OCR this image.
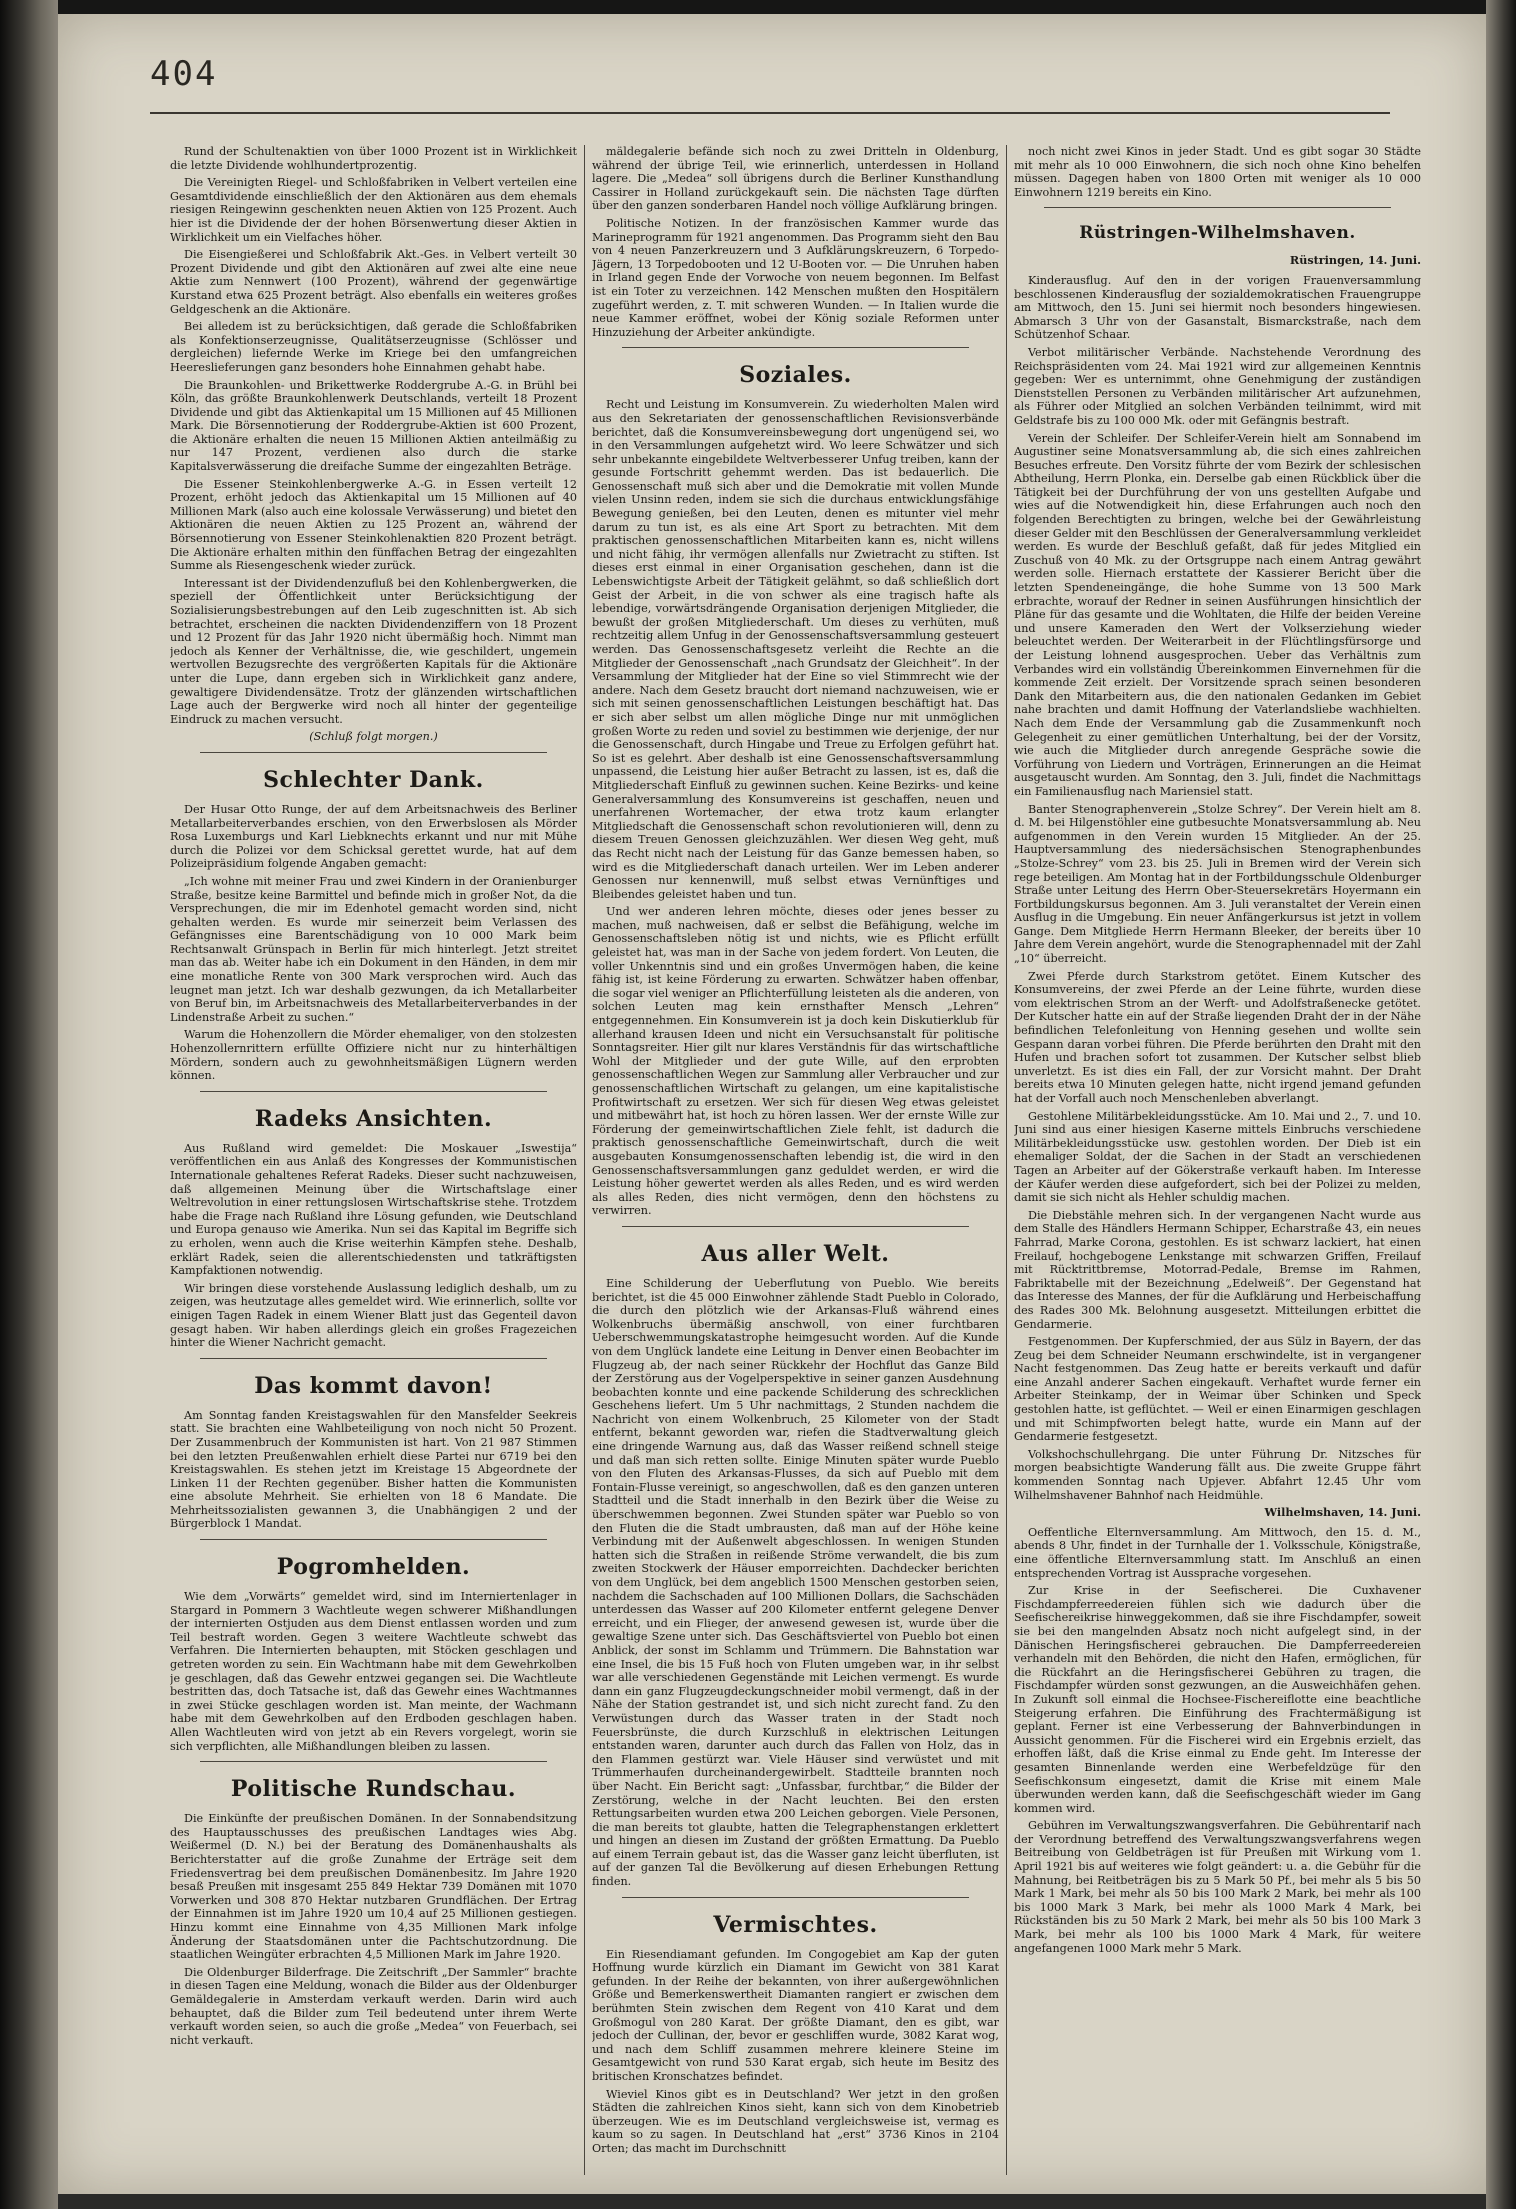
404

Rund der Schultenaktien von über 1000 Prozent ist in Wirklichkeit die letzte Dividende wohlhundertprozentig.

Die Vereinigten Riegel- und Schloßfabriken in Velbert verteilen eine Gesamtdividende einschließlich der den Aktionären aus dem ehemals riesigen Reingewinn geschenkten neuen Aktien von 125 Prozent. Auch hier ist die Dividende der der hohen Börsenwertung dieser Aktien in Wirklichkeit um ein Vielfaches höher.

Die Eisengießerei und Schloßfabrik Akt.-Ges. in Velbert verteilt 30 Prozent Dividende und gibt den Aktionären auf zwei alte eine neue Aktie zum Nennwert (100 Prozent), während der gegenwärtige Kurstand etwa 625 Prozent beträgt. Also ebenfalls ein weiteres großes Geldgeschenk an die Aktionäre.

Bei alledem ist zu berücksichtigen, daß gerade die Schloßfabriken als Konfektionserzeugnisse, Qualitätserzeugnisse (Schlösser und dergleichen) liefernde Werke im Kriege bei den umfangreichen Heereslieferungen ganz besonders hohe Einnahmen gehabt habe.

Die Braunkohlen- und Brikettwerke Roddergrube A.-G. in Brühl bei Köln, das größte Braunkohlenwerk Deutschlands, verteilt 18 Prozent Dividende und gibt das Aktienkapital um 15 Millionen auf 45 Millionen Mark. Die Börsennotierung der Roddergrube-Aktien ist 600 Prozent, die Aktionäre erhalten die neuen 15 Millionen Aktien anteilmäßig zu nur 147 Prozent, verdienen also durch die starke Kapitalsverwässerung die dreifache Summe der eingezahlten Beträge.

Die Essener Steinkohlenbergwerke A.-G. in Essen verteilt 12 Prozent, erhöht jedoch das Aktienkapital um 15 Millionen auf 40 Millionen Mark (also auch eine kolossale Verwässerung) und bietet den Aktionären die neuen Aktien zu 125 Prozent an, während der Börsennotierung von Essener Steinkohlenaktien 820 Prozent beträgt. Die Aktionäre erhalten mithin den fünffachen Betrag der eingezahlten Summe als Riesengeschenk wieder zurück.

Interessant ist der Dividendenzufluß bei den Kohlenbergwerken, die speziell der Öffentlichkeit unter Berücksichtigung der Sozialisierungsbestrebungen auf den Leib zugeschnitten ist. Ab sich betrachtet, erscheinen die nackten Dividendenziffern von 18 Prozent und 12 Prozent für das Jahr 1920 nicht übermäßig hoch. Nimmt man jedoch als Kenner der Verhältnisse, die, wie geschildert, ungemein wertvollen Bezugsrechte des vergrößerten Kapitals für die Aktionäre unter die Lupe, dann ergeben sich in Wirklichkeit ganz andere, gewaltigere Dividendensätze. Trotz der glänzenden wirtschaftlichen Lage auch der Bergwerke wird noch all hinter der gegenteilige Eindruck zu machen versucht.

(Schluß folgt morgen.)
Schlechter Dank.

Der Husar Otto Runge, der auf dem Arbeitsnachweis des Berliner Metallarbeiterverbandes erschien, von den Erwerbslosen als Mörder Rosa Luxemburgs und Karl Liebknechts erkannt und nur mit Mühe durch die Polizei vor dem Schicksal gerettet wurde, hat auf dem Polizeipräsidium folgende Angaben gemacht:

„Ich wohne mit meiner Frau und zwei Kindern in der Oranienburger Straße, besitze keine Barmittel und befinde mich in großer Not, da die Versprechungen, die mir im Edenhotel gemacht worden sind, nicht gehalten werden. Es wurde mir seinerzeit beim Verlassen des Gefängnisses eine Barentschädigung von 10 000 Mark beim Rechtsanwalt Grünspach in Berlin für mich hinterlegt. Jetzt streitet man das ab. Weiter habe ich ein Dokument in den Händen, in dem mir eine monatliche Rente von 300 Mark versprochen wird. Auch das leugnet man jetzt. Ich war deshalb gezwungen, da ich Metallarbeiter von Beruf bin, im Arbeitsnachweis des Metallarbeiterverbandes in der Lindenstraße Arbeit zu suchen.“

Warum die Hohenzollern die Mörder ehemaliger, von den stolzesten Hohenzollernrittern erfüllte Offiziere nicht nur zu hinterhältigen Mördern, sondern auch zu gewohnheitsmäßigen Lügnern werden können.

Radeks Ansichten.

Aus Rußland wird gemeldet: Die Moskauer „Iswestija“ veröffentlichen ein aus Anlaß des Kongresses der Kommunistischen Internationale gehaltenes Referat Radeks. Dieser sucht nachzuweisen, daß allgemeinen Meinung über die Wirtschaftslage einer Weltrevolution in einer rettungslosen Wirtschaftskrise stehe. Trotzdem habe die Frage nach Rußland ihre Lösung gefunden, wie Deutschland und Europa genauso wie Amerika. Nun sei das Kapital im Begriffe sich zu erholen, wenn auch die Krise weiterhin Kämpfen stehe. Deshalb, erklärt Radek, seien die allerentschiedensten und tatkräftigsten Kampfaktionen notwendig.

Wir bringen diese vorstehende Auslassung lediglich deshalb, um zu zeigen, was heutzutage alles gemeldet wird. Wie erinnerlich, sollte vor einigen Tagen Radek in einem Wiener Blatt just das Gegenteil davon gesagt haben. Wir haben allerdings gleich ein großes Fragezeichen hinter die Wiener Nachricht gemacht.

Das kommt davon!

Am Sonntag fanden Kreistagswahlen für den Mansfelder Seekreis statt. Sie brachten eine Wahlbeteiligung von noch nicht 50 Prozent. Der Zusammenbruch der Kommunisten ist hart. Von 21 987 Stimmen bei den letzten Preußenwahlen erhielt diese Partei nur 6719 bei den Kreistagswahlen. Es stehen jetzt im Kreistage 15 Abgeordnete der Linken 11 der Rechten gegenüber. Bisher hatten die Kommunisten eine absolute Mehrheit. Sie erhielten von 18 6 Mandate. Die Mehrheitssozialisten gewannen 3, die Unabhängigen 2 und der Bürgerblock 1 Mandat.

Pogromhelden.

Wie dem „Vorwärts“ gemeldet wird, sind im Interniertenlager in Stargard in Pommern 3 Wachtleute wegen schwerer Mißhandlungen der internierten Ostjuden aus dem Dienst entlassen worden und zum Teil bestraft worden. Gegen 3 weitere Wachtleute schwebt das Verfahren. Die Internierten behaupten, mit Stöcken geschlagen und getreten worden zu sein. Ein Wachtmann habe mit dem Gewehrkolben je geschlagen, daß das Gewehr entzwei gegangen sei. Die Wachtleute bestritten das, doch Tatsache ist, daß das Gewehr eines Wachtmannes in zwei Stücke geschlagen worden ist. Man meinte, der Wachmann habe mit dem Gewehrkolben auf den Erdboden geschlagen haben. Allen Wachtleuten wird von jetzt ab ein Revers vorgelegt, worin sie sich verpflichten, alle Mißhandlungen bleiben zu lassen.

Politische Rundschau.

Die Einkünfte der preußischen Domänen. In der Sonnabendsitzung des Hauptausschusses des preußischen Landtages wies Abg. Weißermel (D. N.) bei der Beratung des Domänenhaushalts als Berichterstatter auf die große Zunahme der Erträge seit dem Friedensvertrag bei dem preußischen Domänenbesitz. Im Jahre 1920 besaß Preußen mit insgesamt 255 849 Hektar 739 Domänen mit 1070 Vorwerken und 308 870 Hektar nutzbaren Grundflächen. Der Ertrag der Einnahmen ist im Jahre 1920 um 10,4 auf 25 Millionen gestiegen. Hinzu kommt eine Einnahme von 4,35 Millionen Mark infolge Änderung der Staatsdomänen unter die Pachtschutzordnung. Die staatlichen Weingüter erbrachten 4,5 Millionen Mark im Jahre 1920.

Die Oldenburger Bilderfrage. Die Zeitschrift „Der Sammler“ brachte in diesen Tagen eine Meldung, wonach die Bilder aus der Oldenburger Gemäldegalerie in Amsterdam verkauft werden. Darin wird auch behauptet, daß die Bilder zum Teil bedeutend unter ihrem Werte verkauft worden seien, so auch die große „Medea“ von Feuerbach, sei nicht verkauft.

mäldegalerie befände sich noch zu zwei Dritteln in Oldenburg, während der übrige Teil, wie erinnerlich, unterdessen in Holland lagere. Die „Medea“ soll übrigens durch die Berliner Kunsthandlung Cassirer in Holland zurückgekauft sein. Die nächsten Tage dürften über den ganzen sonderbaren Handel noch völlige Aufklärung bringen.

Politische Notizen. In der französischen Kammer wurde das Marineprogramm für 1921 angenommen. Das Programm sieht den Bau von 4 neuen Panzerkreuzern und 3 Aufklärungskreuzern, 6 Torpedo-Jägern, 13 Torpedobooten und 12 U-Booten vor. — Die Unruhen haben in Irland gegen Ende der Vorwoche von neuem begonnen. Im Belfast ist ein Toter zu verzeichnen. 142 Menschen mußten den Hospitälern zugeführt werden, z. T. mit schweren Wunden. — In Italien wurde die neue Kammer eröffnet, wobei der König soziale Reformen unter Hinzuziehung der Arbeiter ankündigte.

Soziales.

Recht und Leistung im Konsumverein. Zu wiederholten Malen wird aus den Sekretariaten der genossenschaftlichen Revisionsverbände berichtet, daß die Konsumvereinsbewegung dort ungenügend sei, wo in den Versammlungen aufgehetzt wird. Wo leere Schwätzer und sich sehr unbekannte eingebildete Weltverbesserer Unfug treiben, kann der gesunde Fortschritt gehemmt werden. Das ist bedauerlich. Die Genossenschaft muß sich aber und die Demokratie mit vollen Munde vielen Unsinn reden, indem sie sich die durchaus entwicklungsfähige Bewegung genießen, bei den Leuten, denen es mitunter viel mehr darum zu tun ist, es als eine Art Sport zu betrachten. Mit dem praktischen genossenschaftlichen Mitarbeiten kann es, nicht willens und nicht fähig, ihr vermögen allenfalls nur Zwietracht zu stiften. Ist dieses erst einmal in einer Organisation geschehen, dann ist die Lebenswichtigste Arbeit der Tätigkeit gelähmt, so daß schließlich dort Geist der Arbeit, in die von schwer als eine tragisch hafte als lebendige, vorwärtsdrängende Organisation derjenigen Mitglieder, die bewußt der großen Mitgliederschaft. Um dieses zu verhüten, muß rechtzeitig allem Unfug in der Genossenschaftsversammlung gesteuert werden. Das Genossenschaftsgesetz verleiht die Rechte an die Mitglieder der Genossenschaft „nach Grundsatz der Gleichheit“. In der Versammlung der Mitglieder hat der Eine so viel Stimmrecht wie der andere. Nach dem Gesetz braucht dort niemand nachzuweisen, wie er sich mit seinen genossenschaftlichen Leistungen beschäftigt hat. Das er sich aber selbst um allen mögliche Dinge nur mit unmöglichen großen Worte zu reden und soviel zu bestimmen wie derjenige, der nur die Genossenschaft, durch Hingabe und Treue zu Erfolgen geführt hat. So ist es gelehrt. Aber deshalb ist eine Genossenschaftsversammlung unpassend, die Leistung hier außer Betracht zu lassen, ist es, daß die Mitgliederschaft Einfluß zu gewinnen suchen. Keine Bezirks- und keine Generalversammlung des Konsumvereins ist geschaffen, neuen und unerfahrenen Wortemacher, der etwa trotz kaum erlangter Mitgliedschaft die Genossenschaft schon revolutionieren will, denn zu diesem Treuen Genossen gleichzuzählen. Wer diesen Weg geht, muß das Recht nicht nach der Leistung für das Ganze bemessen haben, so wird es die Mitgliederschaft danach urteilen. Wer im Leben anderer Genossen nur kennenwill, muß selbst etwas Vernünftiges und Bleibendes geleistet haben und tun.

Und wer anderen lehren möchte, dieses oder jenes besser zu machen, muß nachweisen, daß er selbst die Befähigung, welche im Genossenschaftsleben nötig ist und nichts, wie es Pflicht erfüllt geleistet hat, was man in der Sache von jedem fordert. Von Leuten, die voller Unkenntnis sind und ein großes Unvermögen haben, die keine fähig ist, ist keine Förderung zu erwarten. Schwätzer haben offenbar, die sogar viel weniger an Pflichterfüllung leisteten als die anderen, von solchen Leuten mag kein ernsthafter Mensch „Lehren“ entgegennehmen. Ein Konsumverein ist ja doch kein Diskutierklub für allerhand krausen Ideen und nicht ein Versuchsanstalt für politische Sonntagsreiter. Hier gilt nur klares Verständnis für das wirtschaftliche Wohl der Mitglieder und der gute Wille, auf den erprobten genossenschaftlichen Wegen zur Sammlung aller Verbraucher und zur genossenschaftlichen Wirtschaft zu gelangen, um eine kapitalistische Profitwirtschaft zu ersetzen. Wer sich für diesen Weg etwas geleistet und mitbewährt hat, ist hoch zu hören lassen. Wer der ernste Wille zur Förderung der gemeinwirtschaftlichen Ziele fehlt, ist dadurch die praktisch genossenschaftliche Gemeinwirtschaft, durch die weit ausgebauten Konsumgenossenschaften lebendig ist, die wird in den Genossenschaftsversammlungen ganz geduldet werden, er wird die Leistung höher gewertet werden als alles Reden, und es wird werden als alles Reden, dies nicht vermögen, denn den höchstens zu verwirren.

Aus aller Welt.

Eine Schilderung der Ueberflutung von Pueblo. Wie bereits berichtet, ist die 45 000 Einwohner zählende Stadt Pueblo in Colorado, die durch den plötzlich wie der Arkansas-Fluß während eines Wolkenbruchs übermäßig anschwoll, von einer furchtbaren Ueberschwemmungskatastrophe heimgesucht worden. Auf die Kunde von dem Unglück landete eine Leitung in Denver einen Beobachter im Flugzeug ab, der nach seiner Rückkehr der Hochflut das Ganze Bild der Zerstörung aus der Vogelperspektive in seiner ganzen Ausdehnung beobachten konnte und eine packende Schilderung des schrecklichen Geschehens liefert. Um 5 Uhr nachmittags, 2 Stunden nachdem die Nachricht von einem Wolkenbruch, 25 Kilometer von der Stadt entfernt, bekannt geworden war, riefen die Stadtverwaltung gleich eine dringende Warnung aus, daß das Wasser reißend schnell steige und daß man sich retten sollte. Einige Minuten später wurde Pueblo von den Fluten des Arkansas-Flusses, da sich auf Pueblo mit dem Fontain-Flusse vereinigt, so angeschwollen, daß es den ganzen unteren Stadtteil und die Stadt innerhalb in den Bezirk über die Weise zu überschwemmen begonnen. Zwei Stunden später war Pueblo so von den Fluten die die Stadt umbrausten, daß man auf der Höhe keine Verbindung mit der Außenwelt abgeschlossen. In wenigen Stunden hatten sich die Straßen in reißende Ströme verwandelt, die bis zum zweiten Stockwerk der Häuser emporreichten. Dachdecker berichten von dem Unglück, bei dem angeblich 1500 Menschen gestorben seien, nachdem die Sachschaden auf 100 Millionen Dollars, die Sachschäden unterdessen das Wasser auf 200 Kilometer entfernt gelegene Denver erreicht, und ein Flieger, der anwesend gewesen ist, wurde über die gewaltige Szene unter sich. Das Geschäftsviertel von Pueblo bot einen Anblick, der sonst im Schlamm und Trümmern. Die Bahnstation war eine Insel, die bis 15 Fuß hoch von Fluten umgeben war, in ihr selbst war alle verschiedenen Gegenstände mit Leichen vermengt. Es wurde dann ein ganz Flugzeugdeckungschneider mobil vermengt, daß in der Nähe der Station gestrandet ist, und sich nicht zurecht fand. Zu den Verwüstungen durch das Wasser traten in der Stadt noch Feuersbrünste, die durch Kurzschluß in elektrischen Leitungen entstanden waren, darunter auch durch das Fallen von Holz, das in den Flammen gestürzt war. Viele Häuser sind verwüstet und mit Trümmerhaufen durcheinandergewirbelt. Stadtteile brannten noch über Nacht. Ein Bericht sagt: „Unfassbar, furchtbar,“ die Bilder der Zerstörung, welche in der Nacht leuchten. Bei den ersten Rettungsarbeiten wurden etwa 200 Leichen geborgen. Viele Personen, die man bereits tot glaubte, hatten die Telegraphenstangen erklettert und hingen an diesen im Zustand der größten Ermattung. Da Pueblo auf einem Terrain gebaut ist, das die Wasser ganz leicht überfluten, ist auf der ganzen Tal die Bevölkerung auf diesen Erhebungen Rettung finden.

Vermischtes.

Ein Riesendiamant gefunden. Im Congogebiet am Kap der guten Hoffnung wurde kürzlich ein Diamant im Gewicht von 381 Karat gefunden. In der Reihe der bekannten, von ihrer außergewöhnlichen Größe und Bemerkenswertheit Diamanten rangiert er zwischen dem berühmten Stein zwischen dem Regent von 410 Karat und dem Großmogul von 280 Karat. Der größte Diamant, den es gibt, war jedoch der Cullinan, der, bevor er geschliffen wurde, 3082 Karat wog, und nach dem Schliff zusammen mehrere kleinere Steine im Gesamtgewicht von rund 530 Karat ergab, sich heute im Besitz des britischen Kronschatzes befindet.

Wieviel Kinos gibt es in Deutschland? Wer jetzt in den großen Städten die zahlreichen Kinos sieht, kann sich von dem Kinobetrieb überzeugen. Wie es im Deutschland vergleichsweise ist, vermag es kaum so zu sagen. In Deutschland hat „erst“ 3736 Kinos in 2104 Orten; das macht im Durchschnitt

noch nicht zwei Kinos in jeder Stadt. Und es gibt sogar 30 Städte mit mehr als 10 000 Einwohnern, die sich noch ohne Kino behelfen müssen. Dagegen haben von 1800 Orten mit weniger als 10 000 Einwohnern 1219 bereits ein Kino.

Rüstringen-Wilhelmshaven.
Rüstringen, 14. Juni.

Kinderausflug. Auf den in der vorigen Frauenversammlung beschlossenen Kinderausflug der sozialdemokratischen Frauengruppe am Mittwoch, den 15. Juni sei hiermit noch besonders hingewiesen. Abmarsch 3 Uhr von der Gasanstalt, Bismarckstraße, nach dem Schützenhof Schaar.

Verbot militärischer Verbände. Nachstehende Verordnung des Reichspräsidenten vom 24. Mai 1921 wird zur allgemeinen Kenntnis gegeben: Wer es unternimmt, ohne Genehmigung der zuständigen Dienststellen Personen zu Verbänden militärischer Art aufzunehmen, als Führer oder Mitglied an solchen Verbänden teilnimmt, wird mit Geldstrafe bis zu 100 000 Mk. oder mit Gefängnis bestraft.

Verein der Schleifer. Der Schleifer-Verein hielt am Sonnabend im Augustiner seine Monatsversammlung ab, die sich eines zahlreichen Besuches erfreute. Den Vorsitz führte der vom Bezirk der schlesischen Abtheilung, Herrn Plonka, ein. Derselbe gab einen Rückblick über die Tätigkeit bei der Durchführung der von uns gestellten Aufgabe und wies auf die Notwendigkeit hin, diese Erfahrungen auch noch den folgenden Berechtigten zu bringen, welche bei der Gewährleistung dieser Gelder mit den Beschlüssen der Generalversammlung verkleidet werden. Es wurde der Beschluß gefaßt, daß für jedes Mitglied ein Zuschuß von 40 Mk. zu der Ortsgruppe nach einem Antrag gewährt werden solle. Hiernach erstattete der Kassierer Bericht über die letzten Spendeneingänge, die hohe Summe von 13 500 Mark erbrachte, worauf der Redner in seinen Ausführungen hinsichtlich der Pläne für das gesamte und die Wohltaten, die Hilfe der beiden Vereine und unsere Kameraden den Wert der Volkserziehung wieder beleuchtet werden. Der Weiterarbeit in der Flüchtlingsfürsorge und der Leistung lohnend ausgesprochen. Ueber das Verhältnis zum Verbandes wird ein vollständig Übereinkommen Einvernehmen für die kommende Zeit erzielt. Der Vorsitzende sprach seinen besonderen Dank den Mitarbeitern aus, die den nationalen Gedanken im Gebiet nahe brachten und damit Hoffnung der Vaterlandsliebe wachhielten. Nach dem Ende der Versammlung gab die Zusammenkunft noch Gelegenheit zu einer gemütlichen Unterhaltung, bei der der Vorsitz, wie auch die Mitglieder durch anregende Gespräche sowie die Vorführung von Liedern und Vorträgen, Erinnerungen an die Heimat ausgetauscht wurden. Am Sonntag, den 3. Juli, findet die Nachmittags ein Familienausflug nach Mariensiel statt.

Banter Stenographenverein „Stolze Schrey“. Der Verein hielt am 8. d. M. bei Hilgenstöhler eine gutbesuchte Monatsversammlung ab. Neu aufgenommen in den Verein wurden 15 Mitglieder. An der 25. Hauptversammlung des niedersächsischen Stenographenbundes „Stolze-Schrey“ vom 23. bis 25. Juli in Bremen wird der Verein sich rege beteiligen. Am Montag hat in der Fortbildungsschule Oldenburger Straße unter Leitung des Herrn Ober-Steuersekretärs Hoyermann ein Fortbildungskursus begonnen. Am 3. Juli veranstaltet der Verein einen Ausflug in die Umgebung. Ein neuer Anfängerkursus ist jetzt in vollem Gange. Dem Mitgliede Herrn Hermann Bleeker, der bereits über 10 Jahre dem Verein angehört, wurde die Stenographennadel mit der Zahl „10“ überreicht.

Zwei Pferde durch Starkstrom getötet. Einem Kutscher des Konsumvereins, der zwei Pferde an der Leine führte, wurden diese vom elektrischen Strom an der Werft- und Adolfstraßenecke getötet. Der Kutscher hatte ein auf der Straße liegenden Draht der in der Nähe befindlichen Telefonleitung von Henning gesehen und wollte sein Gespann daran vorbei führen. Die Pferde berührten den Draht mit den Hufen und brachen sofort tot zusammen. Der Kutscher selbst blieb unverletzt. Es ist dies ein Fall, der zur Vorsicht mahnt. Der Draht bereits etwa 10 Minuten gelegen hatte, nicht irgend jemand gefunden hat der Vorfall auch noch Menschenleben abverlangt.

Gestohlene Militärbekleidungsstücke. Am 10. Mai und 2., 7. und 10. Juni sind aus einer hiesigen Kaserne mittels Einbruchs verschiedene Militärbekleidungsstücke usw. gestohlen worden. Der Dieb ist ein ehemaliger Soldat, der die Sachen in der Stadt an verschiedenen Tagen an Arbeiter auf der Gökerstraße verkauft haben. Im Interesse der Käufer werden diese aufgefordert, sich bei der Polizei zu melden, damit sie sich nicht als Hehler schuldig machen.

Die Diebstähle mehren sich. In der vergangenen Nacht wurde aus dem Stalle des Händlers Hermann Schipper, Echarstraße 43, ein neues Fahrrad, Marke Corona, gestohlen. Es ist schwarz lackiert, hat einen Freilauf, hochgebogene Lenkstange mit schwarzen Griffen, Freilauf mit Rücktrittbremse, Motorrad-Pedale, Bremse im Rahmen, Fabriktabelle mit der Bezeichnung „Edelweiß“. Der Gegenstand hat das Interesse des Mannes, der für die Aufklärung und Herbeischaffung des Rades 300 Mk. Belohnung ausgesetzt. Mitteilungen erbittet die Gendarmerie.

Festgenommen. Der Kupferschmied, der aus Sülz in Bayern, der das Zeug bei dem Schneider Neumann erschwindelte, ist in vergangener Nacht festgenommen. Das Zeug hatte er bereits verkauft und dafür eine Anzahl anderer Sachen eingekauft. Verhaftet wurde ferner ein Arbeiter Steinkamp, der in Weimar über Schinken und Speck gestohlen hatte, ist geflüchtet. — Weil er einen Einarmigen geschlagen und mit Schimpfworten belegt hatte, wurde ein Mann auf der Gendarmerie festgesetzt.

Volkshochschullehrgang. Die unter Führung Dr. Nitzsches für morgen beabsichtigte Wanderung fällt aus. Die zweite Gruppe fährt kommenden Sonntag nach Upjever. Abfahrt 12.45 Uhr vom Wilhelmshavener Bahnhof nach Heidmühle.

Wilhelmshaven, 14. Juni.

Oeffentliche Elternversammlung. Am Mittwoch, den 15. d. M., abends 8 Uhr, findet in der Turnhalle der 1. Volksschule, Königstraße, eine öffentliche Elternversammlung statt. Im Anschluß an einen entsprechenden Vortrag ist Aussprache vorgesehen.

Zur Krise in der Seefischerei. Die Cuxhavener Fischdampferreedereien fühlen sich wie dadurch über die Seefischereikrise hinweggekommen, daß sie ihre Fischdampfer, soweit sie bei den mangelnden Absatz noch nicht aufgelegt sind, in der Dänischen Heringsfischerei gebrauchen. Die Dampferreedereien verhandeln mit den Behörden, die nicht den Hafen, ermöglichen, für die Rückfahrt an die Heringsfischerei Gebühren zu tragen, die Fischdampfer würden sonst gezwungen, an die Ausweichhäfen gehen. In Zukunft soll einmal die Hochsee-Fischereiflotte eine beachtliche Steigerung erfahren. Die Einführung des Frachtermäßigung ist geplant. Ferner ist eine Verbesserung der Bahnverbindungen in Aussicht genommen. Für die Fischerei wird ein Ergebnis erzielt, das erhoffen läßt, daß die Krise einmal zu Ende geht. Im Interesse der gesamten Binnenlande werden eine Werbefeldzüge für den Seefischkonsum eingesetzt, damit die Krise mit einem Male überwunden werden kann, daß die Seefischgeschäft wieder im Gang kommen wird.

Gebühren im Verwaltungszwangsverfahren. Die Gebührentarif nach der Verordnung betreffend des Verwaltungszwangsverfahrens wegen Beitreibung von Geldbeträgen ist für Preußen mit Wirkung vom 1. April 1921 bis auf weiteres wie folgt geändert: u. a. die Gebühr für die Mahnung, bei Reitbeträgen bis zu 5 Mark 50 Pf., bei mehr als 5 bis 50 Mark 1 Mark, bei mehr als 50 bis 100 Mark 2 Mark, bei mehr als 100 bis 1000 Mark 3 Mark, bei mehr als 1000 Mark 4 Mark, bei Rückständen bis zu 50 Mark 2 Mark, bei mehr als 50 bis 100 Mark 3 Mark, bei mehr als 100 bis 1000 Mark 4 Mark, für weitere angefangenen 1000 Mark mehr 5 Mark.
